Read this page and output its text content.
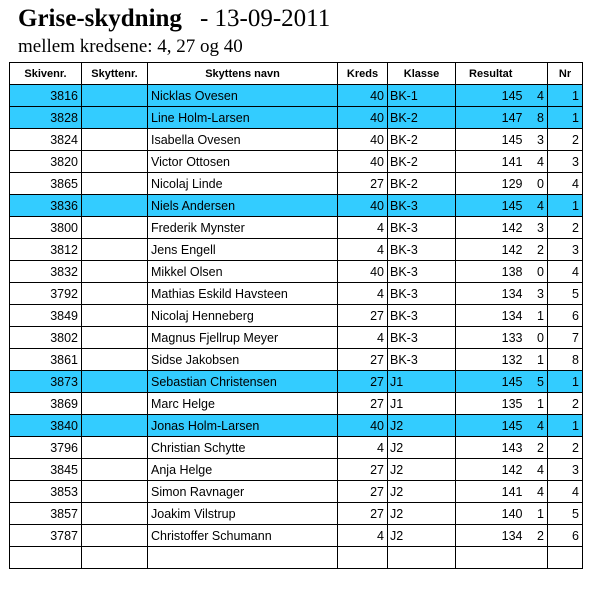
Grise-skydning - 13-09-2011
mellem kredsene: 4, 27 og 40
Skivenr.	Skyttenr.	Skyttens navn	Kreds	Klasse	Resultat		Nr
3816		Nicklas Ovesen	40	BK-1	145	4	1
3828		Line Holm-Larsen	40	BK-2	147	8	1
3824		Isabella Ovesen	40	BK-2	145	3	2
3820		Victor Ottosen	40	BK-2	141	4	3
3865		Nicolaj Linde	27	BK-2	129	0	4
3836		Niels Andersen	40	BK-3	145	4	1
3800		Frederik Mynster	4	BK-3	142	3	2
3812		Jens Engell	4	BK-3	142	2	3
3832		Mikkel Olsen	40	BK-3	138	0	4
3792		Mathias Eskild Havsteen	4	BK-3	134	3	5
3849		Nicolaj Henneberg	27	BK-3	134	1	6
3802		Magnus Fjellrup Meyer	4	BK-3	133	0	7
3861		Sidse Jakobsen	27	BK-3	132	1	8
3873		Sebastian Christensen	27	J1	145	5	1
3869		Marc Helge	27	J1	135	1	2
3840		Jonas Holm-Larsen	40	J2	145	4	1
3796		Christian Schytte	4	J2	143	2	2
3845		Anja Helge	27	J2	142	4	3
3853		Simon Ravnager	27	J2	141	4	4
3857		Joakim Vilstrup	27	J2	140	1	5
3787		Christoffer Schumann	4	J2	134	2	6
